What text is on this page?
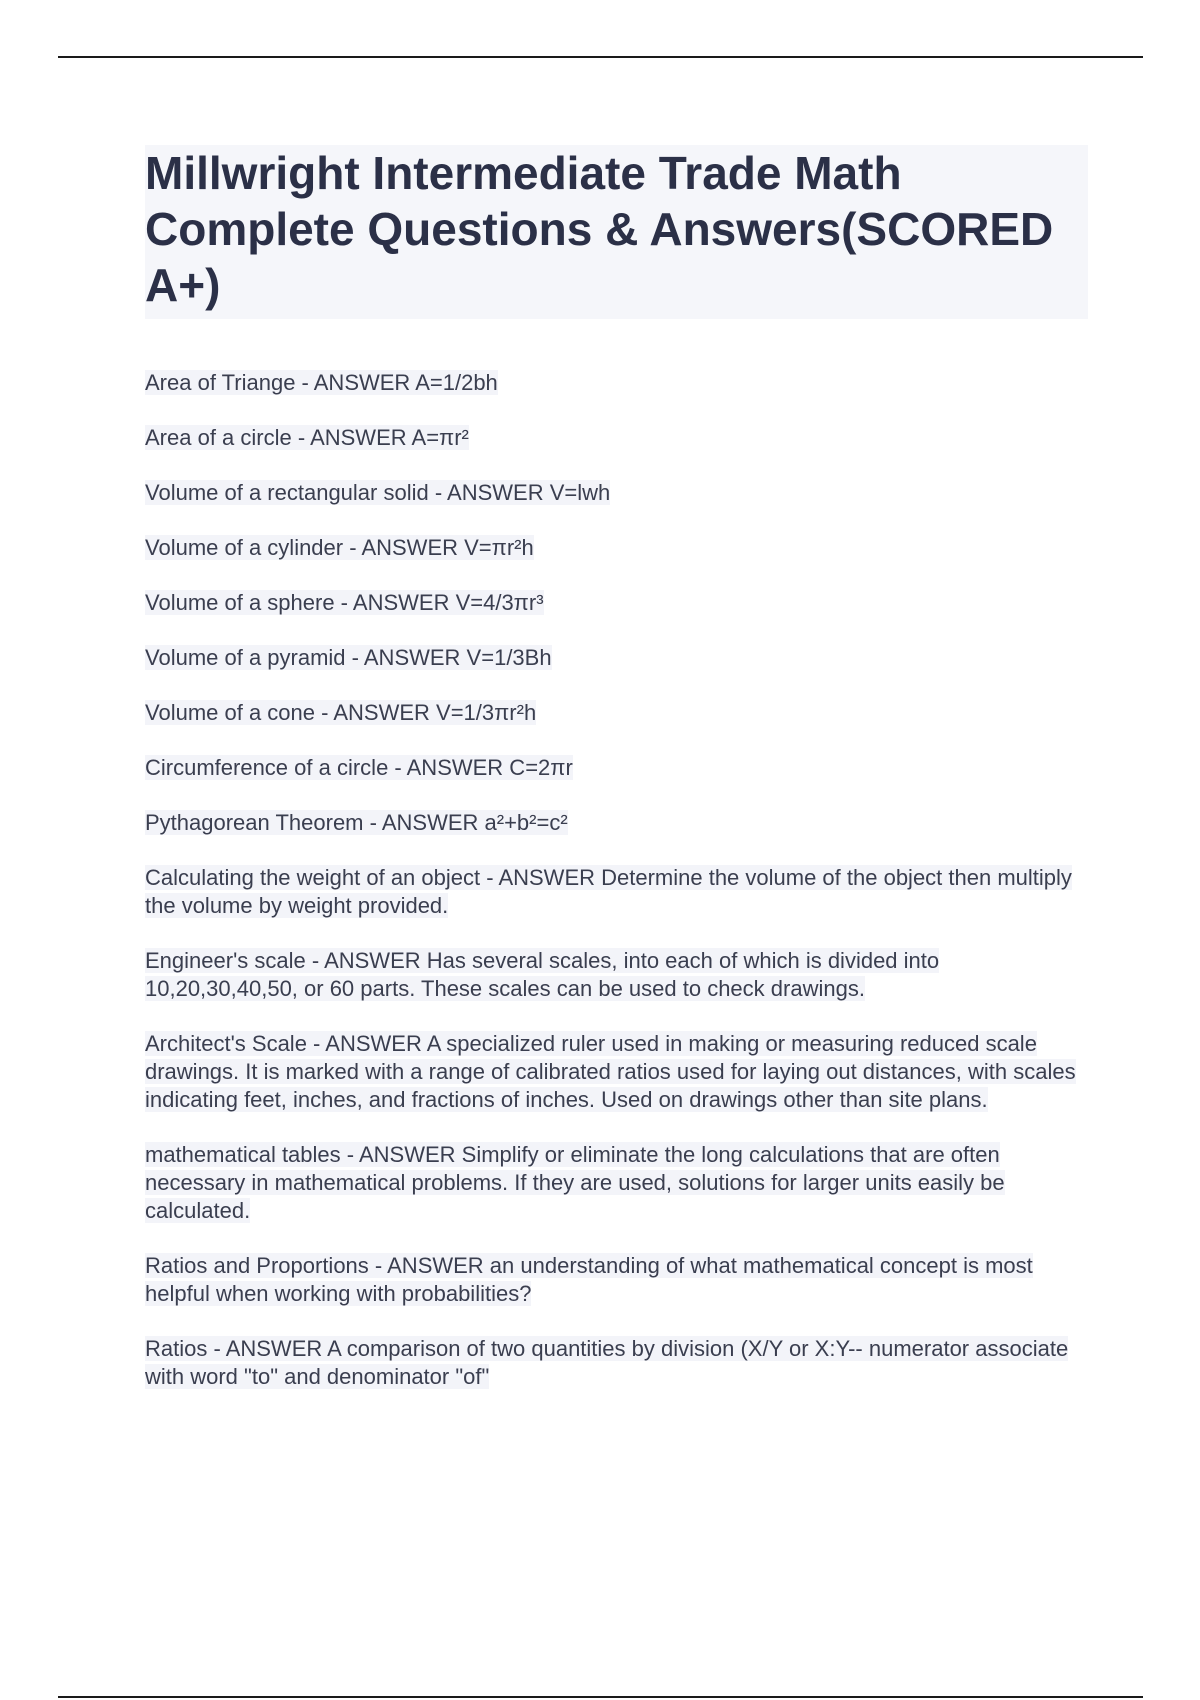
Millwright Intermediate Trade Math Complete Questions & Answers(SCORED A+)
Area of Triange - ANSWER A=1/2bh
Area of a circle - ANSWER A=πr²
Volume of a rectangular solid - ANSWER V=lwh
Volume of a cylinder - ANSWER V=πr²h
Volume of a sphere - ANSWER V=4/3πr³
Volume of a pyramid - ANSWER V=1/3Bh
Volume of a cone - ANSWER V=1/3πr²h
Circumference of a circle - ANSWER C=2πr
Pythagorean Theorem - ANSWER a²+b²=c²
Calculating the weight of an object - ANSWER Determine the volume of the object then multiply the volume by weight provided.
Engineer's scale - ANSWER Has several scales, into each of which is divided into 10,20,30,40,50, or 60 parts. These scales can be used to check drawings.
Architect's Scale - ANSWER A specialized ruler used in making or measuring reduced scale drawings. It is marked with a range of calibrated ratios used for laying out distances, with scales indicating feet, inches, and fractions of inches. Used on drawings other than site plans.
mathematical tables - ANSWER Simplify or eliminate the long calculations that are often necessary in mathematical problems. If they are used, solutions for larger units easily be calculated.
Ratios and Proportions - ANSWER an understanding of what mathematical concept is most helpful when working with probabilities?
Ratios - ANSWER A comparison of two quantities by division (X/Y or X:Y-- numerator associate with word "to" and denominator "of"
